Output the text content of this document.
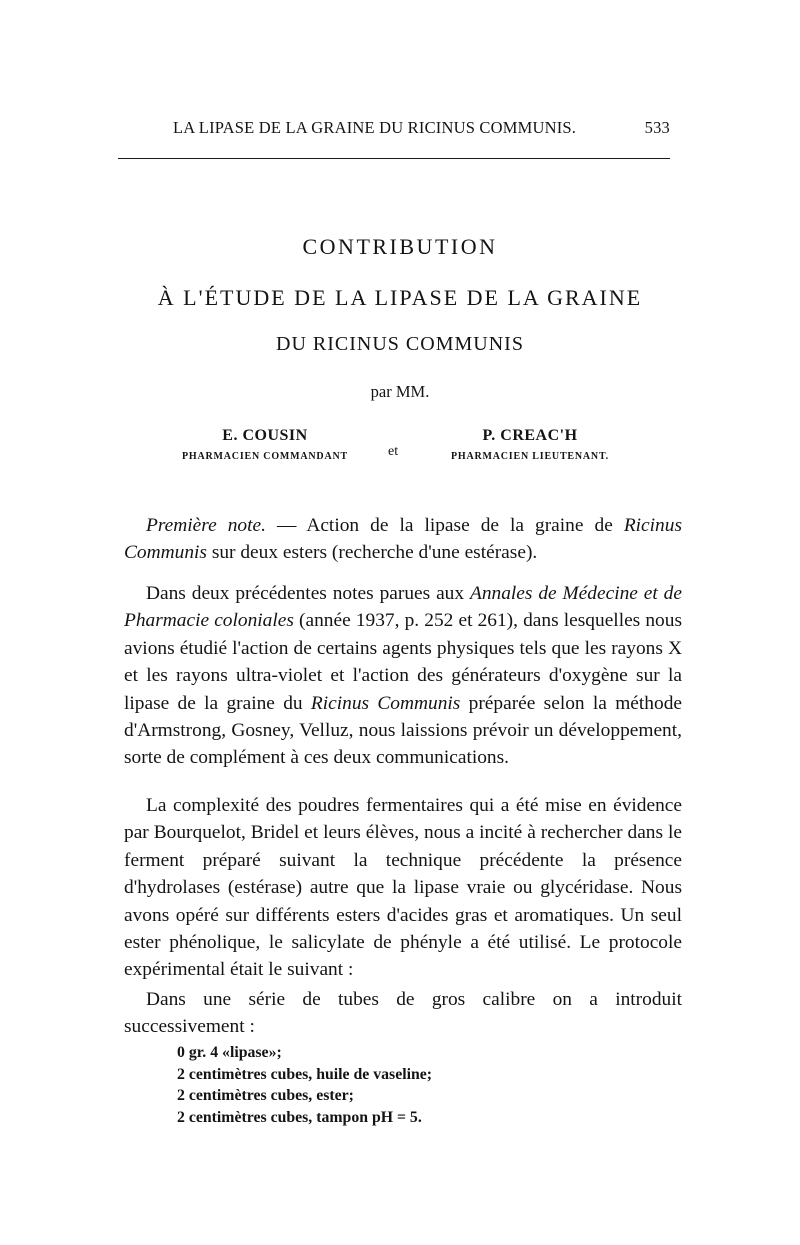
LA LIPASE DE LA GRAINE DU RICINUS COMMUNIS.	533
CONTRIBUTION
À L'ÉTUDE DE LA LIPASE DE LA GRAINE
DU RICINUS COMMUNIS
par MM.
E. COUSIN
PHARMACIEN COMMANDANT	et
P. CREAC'H
PHARMACIEN LIEUTENANT.

Première note. — Action de la lipase de la graine de Ricinus Communis sur deux esters (recherche d'une estérase).

Dans deux précédentes notes parues aux Annales de Médecine et de Pharmacie coloniales (année 1937, p. 252 et 261), dans lesquelles nous avions étudié l'action de certains agents physiques tels que les rayons X et les rayons ultra-violet et l'action des générateurs d'oxygène sur la lipase de la graine du Ricinus Communis préparée selon la méthode d'Armstrong, Gosney, Velluz, nous laissions prévoir un développement, sorte de complément à ces deux communications.

La complexité des poudres fermentaires qui a été mise en évidence par Bourquelot, Bridel et leurs élèves, nous a incité à rechercher dans le ferment préparé suivant la technique précédente la présence d'hydrolases (estérase) autre que la lipase vraie ou glycéridase. Nous avons opéré sur différents esters d'acides gras et aromatiques. Un seul ester phénolique, le salicylate de phényle a été utilisé. Le protocole expérimental était le suivant :

Dans une série de tubes de gros calibre on a introduit successivement :

0 gr. 4 «lipase»;
2 centimètres cubes, huile de vaseline;
2 centimètres cubes, ester;
2 centimètres cubes, tampon pH = 5.
